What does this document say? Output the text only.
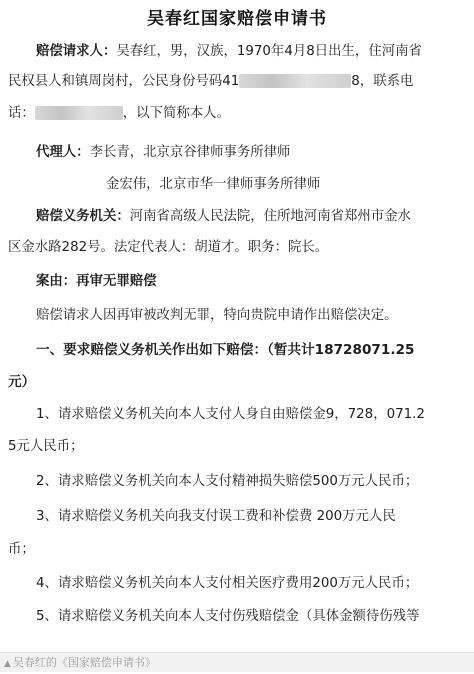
吴春红国家赔偿申请书
赔偿请求人：吴春红，男，汉族，1970年4月8日出生，住河南省
民权县人和镇周岗村，公民身份号码41	8，联系电
话：	，以下简称本人。
代理人：李长青，北京京谷律师事务所律师
金宏伟，北京市华一律师事务所律师
赔偿义务机关：河南省高级人民法院，住所地河南省郑州市金水
区金水路282号。法定代表人：胡道才。职务：院长。
案由：再审无罪赔偿
赔偿请求人因再审被改判无罪，特向贵院申请作出赔偿决定。
一、要求赔偿义务机关作出如下赔偿：（暂共计18728071.25
元）
1、请求赔偿义务机关向本人支付人身自由赔偿金9，728，071.2
5元人民币；
2、请求赔偿义务机关向本人支付精神损失赔偿500万元人民币；
3、请求赔偿义务机关向我支付误工费和补偿费 200万元人民
币；
4、请求赔偿义务机关向本人支付相关医疗费用200万元人民币；
5、请求赔偿义务机关向本人支付伤残赔偿金（具体金额待伤残等
▲ 吴春红的《国家赔偿申请书》
